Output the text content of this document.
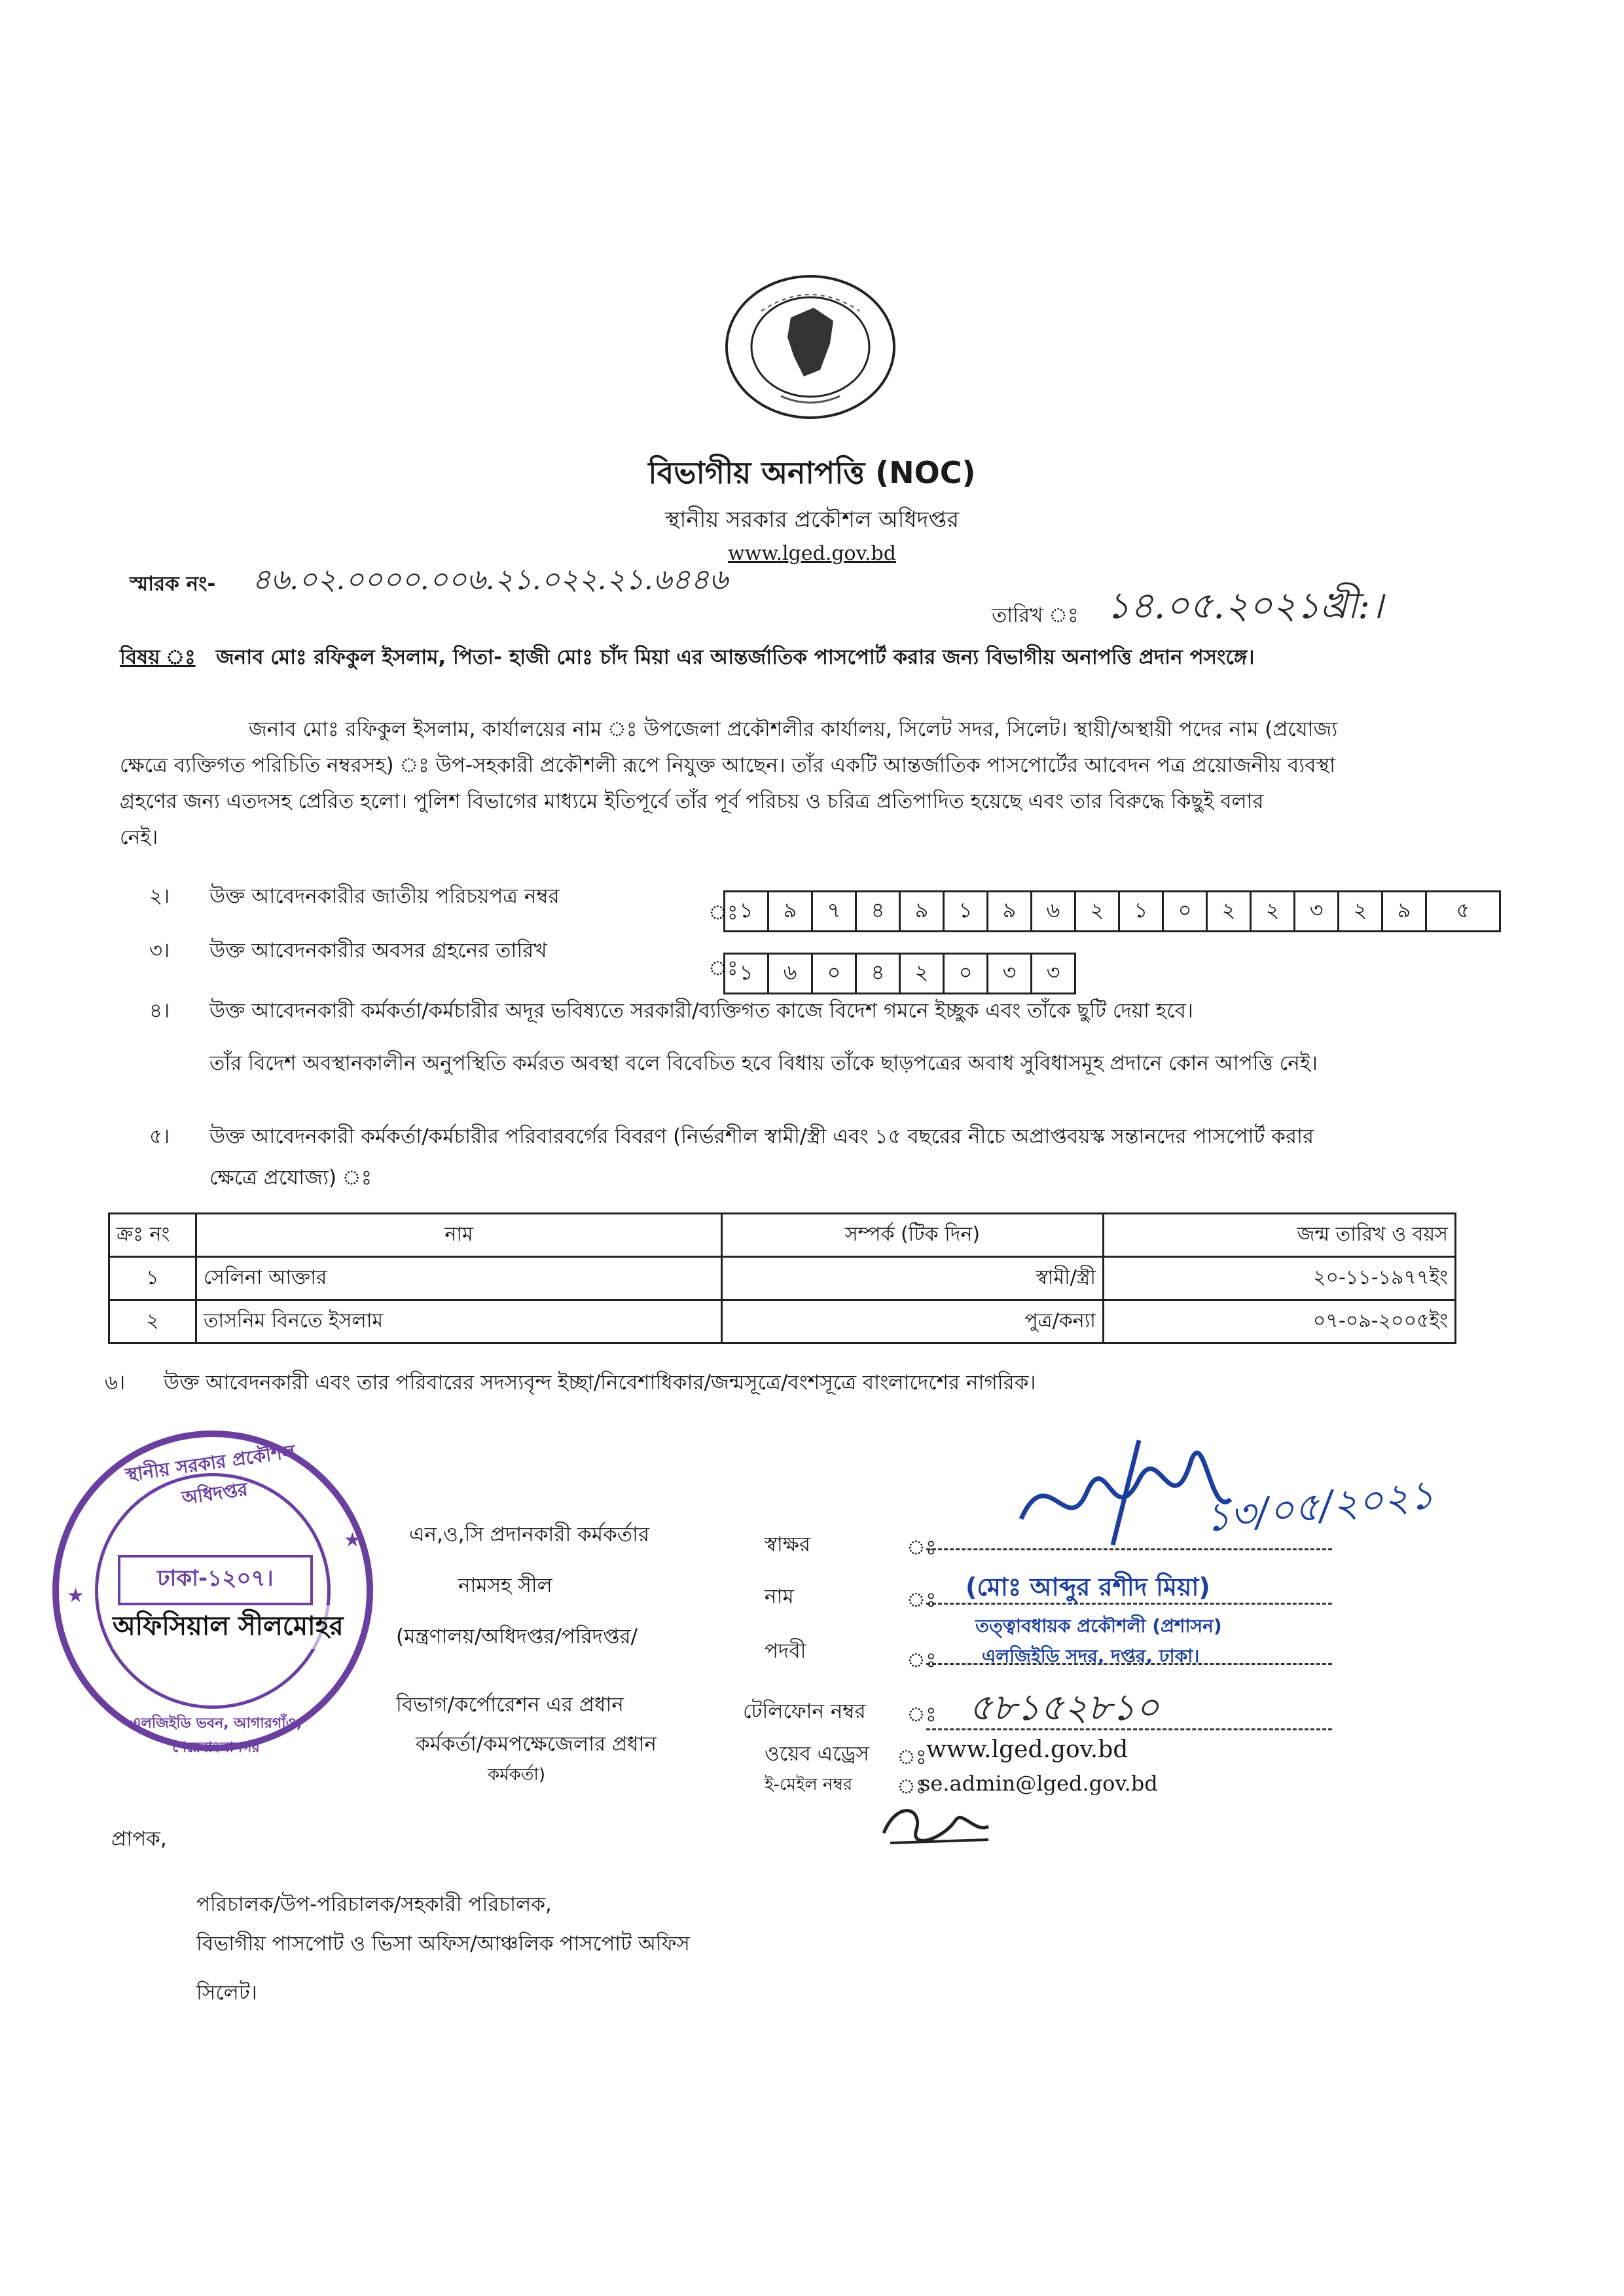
বিভাগীয় অনাপত্তি (NOC)
স্থানীয় সরকার প্রকৌশল অধিদপ্তর
www.lged.gov.bd
স্মারক নং- ৪৬.০২.০০০০.০০৬.২১.০২২.২১.৬৪৪৬
তারিখ ঃ ১৪.০৫.২০২১খ্রী:।
বিষয় ঃ জনাব মোঃ রফিকুল ইসলাম, পিতা- হাজী মোঃ চাঁদ মিয়া এর আন্তর্জাতিক পাসপোর্ট করার জন্য বিভাগীয় অনাপত্তি প্রদান পসংঙ্গে।
জনাব মোঃ রফিকুল ইসলাম, কার্যালয়ের নাম ঃ উপজেলা প্রকৌশলীর কার্যালয়, সিলেট সদর, সিলেট। স্থায়ী/অস্থায়ী পদের নাম (প্রযোজ্য
ক্ষেত্রে ব্যক্তিগত পরিচিতি নম্বরসহ) ঃ উপ-সহকারী প্রকৌশলী রূপে নিযুক্ত আছেন। তাঁর একটি আন্তর্জাতিক পাসপোর্টের আবেদন পত্র প্রয়োজনীয় ব্যবস্থা
গ্রহণের জন্য এতদসহ প্রেরিত হলো। পুলিশ বিভাগের মাধ্যমে ইতিপূর্বে তাঁর পূর্ব পরিচয় ও চরিত্র প্রতিপাদিত হয়েছে এবং তার বিরুদ্ধে কিছুই বলার
নেই।
২। উক্ত আবেদনকারীর জাতীয় পরিচয়পত্র নম্বর
ঃ ১	৯	৭	৪	৯	১	৯	৬	২	১	০	২	২	৩	২	৯	৫
৩। উক্ত আবেদনকারীর অবসর গ্রহনের তারিখ
ঃ ১	৬	০	৪	২	০	৩	৩
৪। উক্ত আবেদনকারী কর্মকর্তা/কর্মচারীর অদূর ভবিষ্যতে সরকারী/ব্যক্তিগত কাজে বিদেশ গমনে ইচ্ছুক এবং তাঁকে ছুটি দেয়া হবে।
তাঁর বিদেশ অবস্থানকালীন অনুপস্থিতি কর্মরত অবস্থা বলে বিবেচিত হবে বিধায় তাঁকে ছাড়পত্রের অবাধ সুবিধাসমূহ প্রদানে কোন আপত্তি নেই।
৫। উক্ত আবেদনকারী কর্মকর্তা/কর্মচারীর পরিবারবর্গের বিবরণ (নির্ভরশীল স্বামী/স্ত্রী এবং ১৫ বছরের নীচে অপ্রাপ্তবয়স্ক সন্তানদের পাসপোর্ট করার
ক্ষেত্রে প্রযোজ্য) ঃ
ক্রঃ নং	নাম	সম্পর্ক (টিক দিন)	জন্ম তারিখ ও বয়স
১	সেলিনা আক্তার	স্বামী/স্ত্রী	২০-১১-১৯৭৭ইং
২	তাসনিম বিনতে ইসলাম	পুত্র/কন্যা	০৭-০৯-২০০৫ইং
৬। উক্ত আবেদনকারী এবং তার পরিবারের সদস্যবৃন্দ ইচ্ছা/নিবেশাধিকার/জন্মসূত্রে/বংশসূত্রে বাংলাদেশের নাগরিক।
স্থানীয় সরকার প্রকৌশল অধিদপ্তর
এলজিইডি ভবন, আগারগাঁও, শেরেবাংলানগর
ঢাকা-১২০৭।
★
★
অফিসিয়াল সীলমোহর
এন,ও,সি প্রদানকারী কর্মকর্তার
নামসহ সীল
(মন্ত্রণালয়/অধিদপ্তর/পরিদপ্তর/
বিভাগ/কর্পোরেশন এর প্রধান
কর্মকর্তা/কমপক্ষেজেলার প্রধান
কর্মকর্তা)
স্বাক্ষর	ঃ
১৩/০৫/২০২১
নাম	ঃ (মোঃ আব্দুর রশীদ মিয়া)
পদবী	ঃ
তত্ত্বাবধায়ক প্রকৌশলী (প্রশাসন)
এলজিইডি সদর, দপ্তর, ঢাকা।
টেলিফোন নম্বর ঃ ৫৮১৫২৮১০
ওয়েব এড্রেস ঃ www.lged.gov.bd
ই-মেইল নম্বর ঃ
se.admin@lged.gov.bd
প্রাপক,
পরিচালক/উপ-পরিচালক/সহকারী পরিচালক,
বিভাগীয় পাসপোট ও ভিসা অফিস/আঞ্চলিক পাসপোট অফিস
সিলেট।
